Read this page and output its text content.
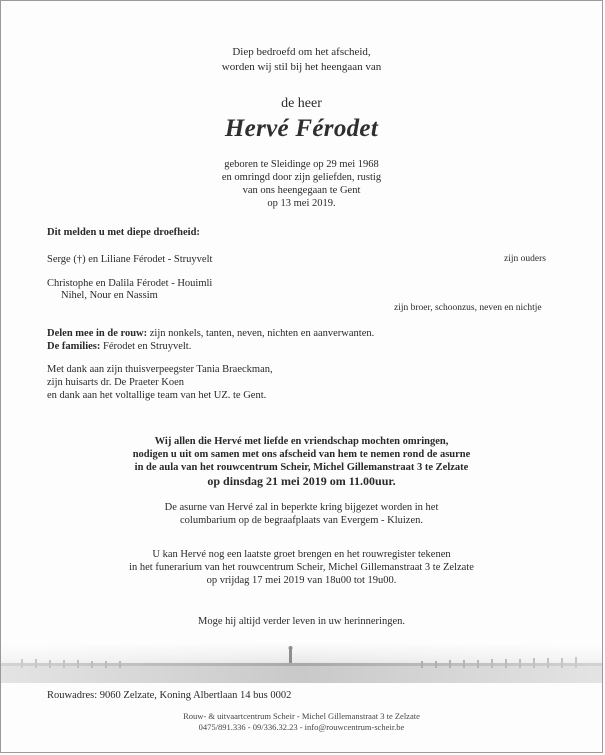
Diep bedroefd om het afscheid,
worden wij stil bij het heengaan van
de heer
Hervé Férodet
geboren te Sleidinge op 29 mei 1968
en omringd door zijn geliefden, rustig
van ons heengegaan te Gent
op 13 mei 2019.
Dit melden u met diepe droefheid:
Serge (†) en Liliane Férodet - Struyvelt	zijn ouders
Christophe en Dalila Férodet - Houimli
Nihel, Nour en Nassim
zijn broer, schoonzus, neven en nichtje
Delen mee in de rouw: zijn nonkels, tanten, neven, nichten en aanverwanten.
De families: Férodet en Struyvelt.
Met dank aan zijn thuisverpeegster Tania Braeckman,
zijn huisarts dr. De Praeter Koen
en dank aan het voltallige team van het UZ. te Gent.
Wij allen die Hervé met liefde en vriendschap mochten omringen,
nodigen u uit om samen met ons afscheid van hem te nemen rond de asurne
in de aula van het rouwcentrum Scheir, Michel Gillemanstraat 3 te Zelzate
op dinsdag 21 mei 2019 om 11.00uur.
De asurne van Hervé zal in beperkte kring bijgezet worden in het
columbarium op de begraafplaats van Evergem - Kluizen.
U kan Hervé nog een laatste groet brengen en het rouwregister tekenen
in het funerarium van het rouwcentrum Scheir, Michel Gillemanstraat 3 te Zelzate
op vrijdag 17 mei 2019 van 18u00 tot 19u00.
Moge hij altijd verder leven in uw herinneringen.
Rouwadres: 9060 Zelzate, Koning Albertlaan 14 bus 0002
Rouw- & uitvaartcentrum Scheir - Michel Gillemanstraat 3 te Zelzate
0475/891.336 - 09/336.32.23 - info@rouwcentrum-scheir.be
